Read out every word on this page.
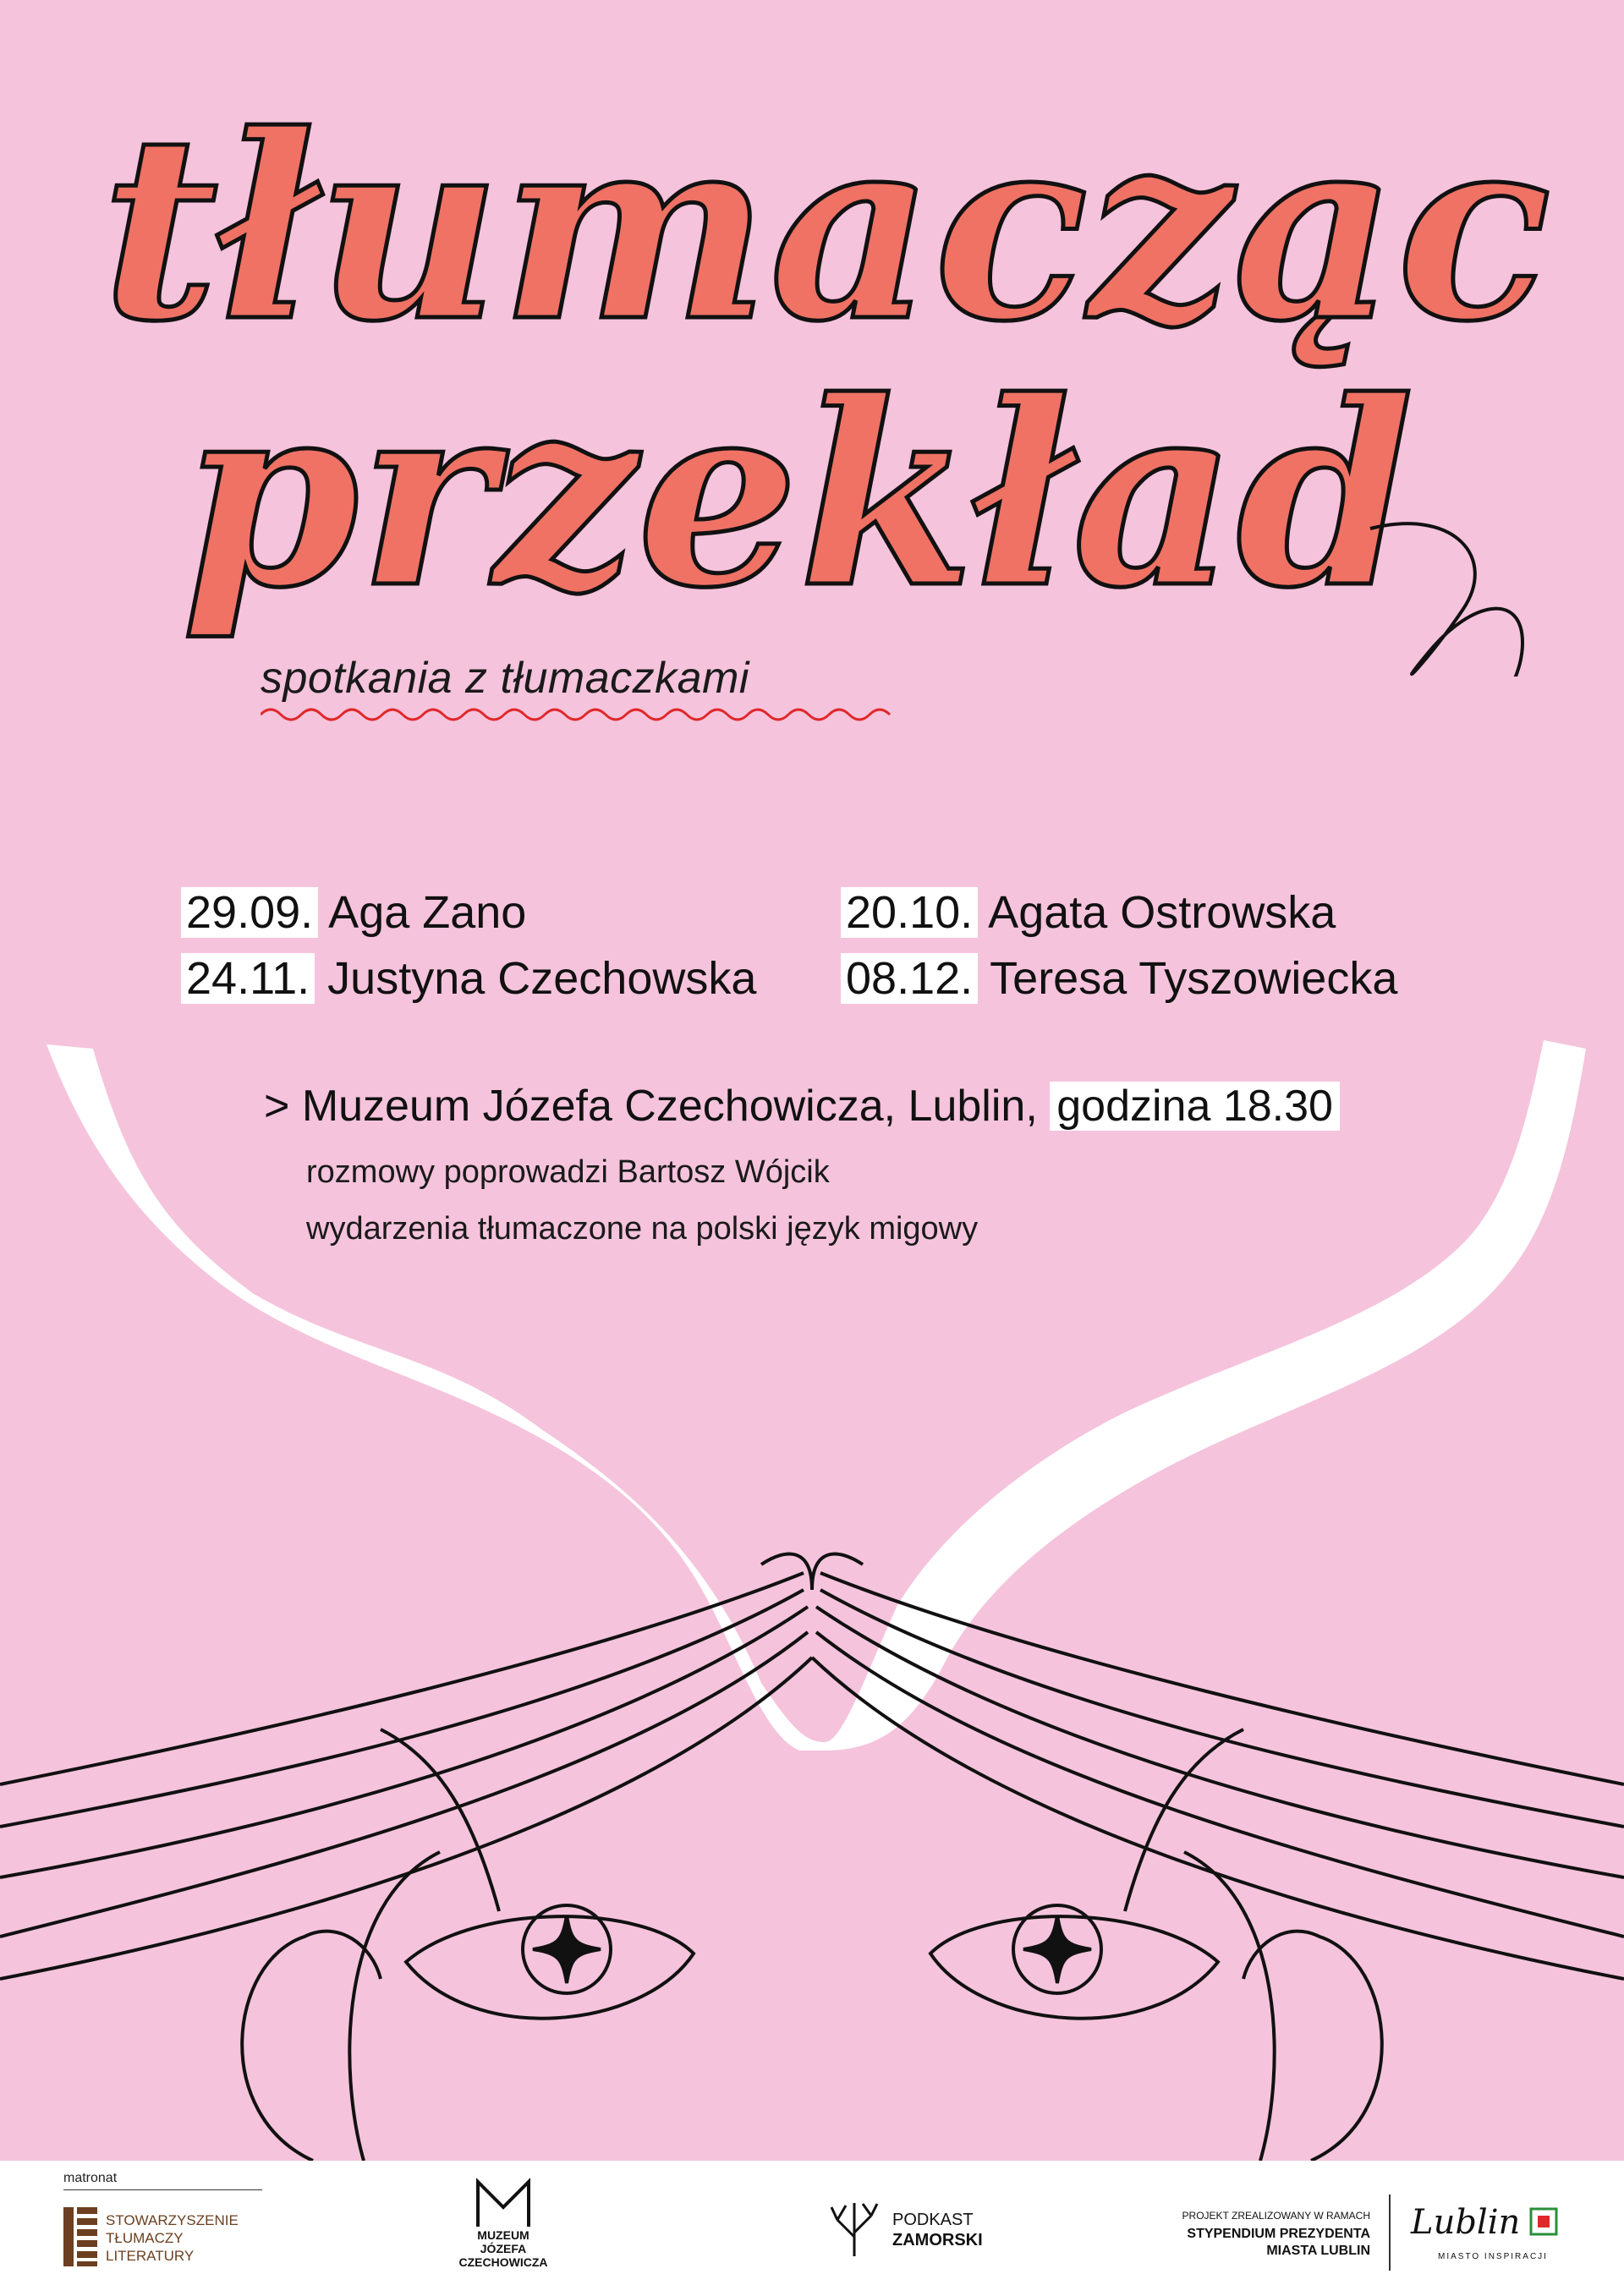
tłumacząc
przekład
spotkania z tłumaczkami
29.09. Aga Zano
24.11. Justyna Czechowska
20.10. Agata Ostrowska
08.12. Teresa Tyszowiecka
> Muzeum Józefa Czechowicza, Lublin, godzina 18.30
rozmowy poprowadzi Bartosz Wójcik
wydarzenia tłumaczone na polski język migowy
matronat
STOWARZYSZENIE
TŁUMACZY
LITERATURY
MUZEUM
JÓZEFA
CZECHOWICZA
PODKAST
ZAMORSKI
PROJEKT ZREALIZOWANY W RAMACH
STYPENDIUM PREZYDENTA
MIASTA LUBLIN
Lublin
MIASTO INSPIRACJI
